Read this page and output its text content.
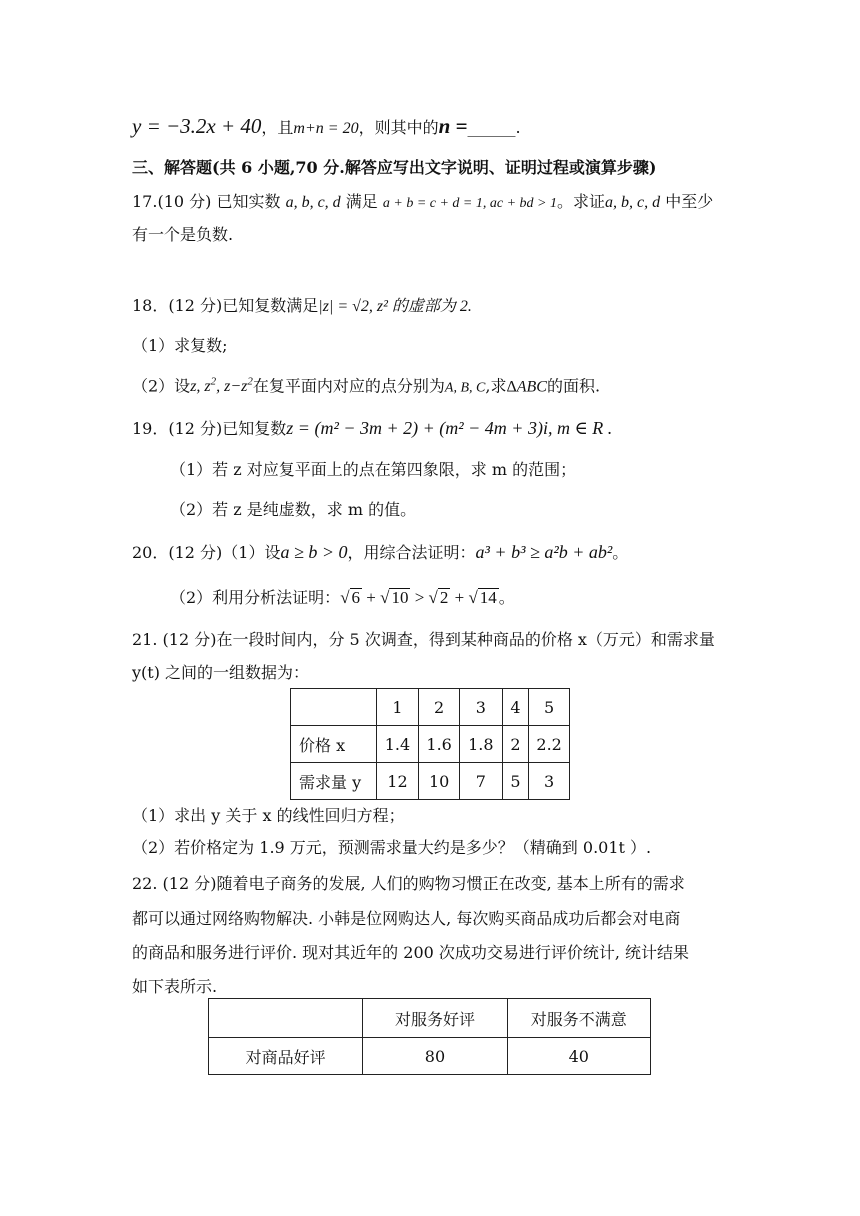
y = −3.2x + 40，且m+n = 20，则其中的n =______.
三、解答题(共 6 小题,70 分.解答应写出文字说明、证明过程或演算步骤)
17.(10 分) 已知实数 a, b, c, d 满足 a + b = c + d = 1, ac + bd > 1。求证a, b, c, d 中至少
有一个是负数.
18．(12 分)已知复数满足|z| = √2, z² 的虚部为 2.
（1）求复数;
（2）设z, $z^2$, $z-z^2$在复平面内对应的点分别为A, B, C,求ΔABC的面积.
19．(12 分)已知复数z = (m² − 3m + 2) + (m² − 4m + 3)i, m ∈ R .
（1）若 z 对应复平面上的点在第四象限，求 m 的范围；
（2）若 z 是纯虚数，求 m 的值。
20．(12 分)（1）设a ≥ b > 0，用综合法证明：a³ + b³ ≥ a²b + ab²。
（2）利用分析法证明：√ 6 + √ 10 > √ 2 + √ 14 。
21. (12 分)在一段时间内，分 5 次调查，得到某种商品的价格 x（万元）和需求量
y(t) 之间的一组数据为：
	1	2	3	4	5
价格 x	1.4	1.6	1.8	2	2.2
需求量 y	12	10	7	5	3
（1）求出 y 关于 x 的线性回归方程；
（2）若价格定为 1.9 万元，预测需求量大约是多少？（精确到 0.01t ）.
22. (12 分)随着电子商务的发展, 人们的购物习惯正在改变, 基本上所有的需求
都可以通过网络购物解决. 小韩是位网购达人, 每次购买商品成功后都会对电商
的商品和服务进行评价. 现对其近年的 200 次成功交易进行评价统计, 统计结果
如下表所示.
	对服务好评	对服务不满意
对商品好评	80	40
